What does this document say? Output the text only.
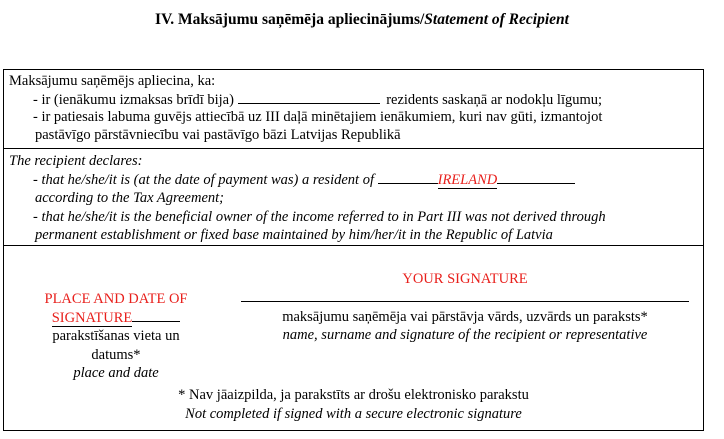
IV. Maksājumu saņēmēja apliecinājums/Statement of Recipient
Maksājumu saņēmējs apliecina, ka:
- ir (ienākumu izmaksas brīdī bija)	rezidents saskaņā ar nodokļu līgumu;
- ir patiesais labuma guvējs attiecībā uz III daļā minētajiem ienākumiem, kuri nav gūti, izmantojot
pastāvīgo pārstāvniecību vai pastāvīgo bāzi Latvijas Republikā
The recipient declares:
- that he/she/it is (at the date of payment was) a resident of	IRELAND
according to the Tax Agreement;
- that he/she/it is the beneficial owner of the income referred to in Part III was not derived through
permanent establishment or fixed base maintained by him/her/it in the Republic of Latvia
PLACE AND DATE OF
SIGNATURE
parakstīšanas vieta un
datums*
place and date
YOUR SIGNATURE
maksājumu saņēmēja vai pārstāvja vārds, uzvārds un paraksts*
name, surname and signature of the recipient or representative
* Nav jāaizpilda, ja parakstīts ar drošu elektronisko parakstu
Not completed if signed with a secure electronic signature
